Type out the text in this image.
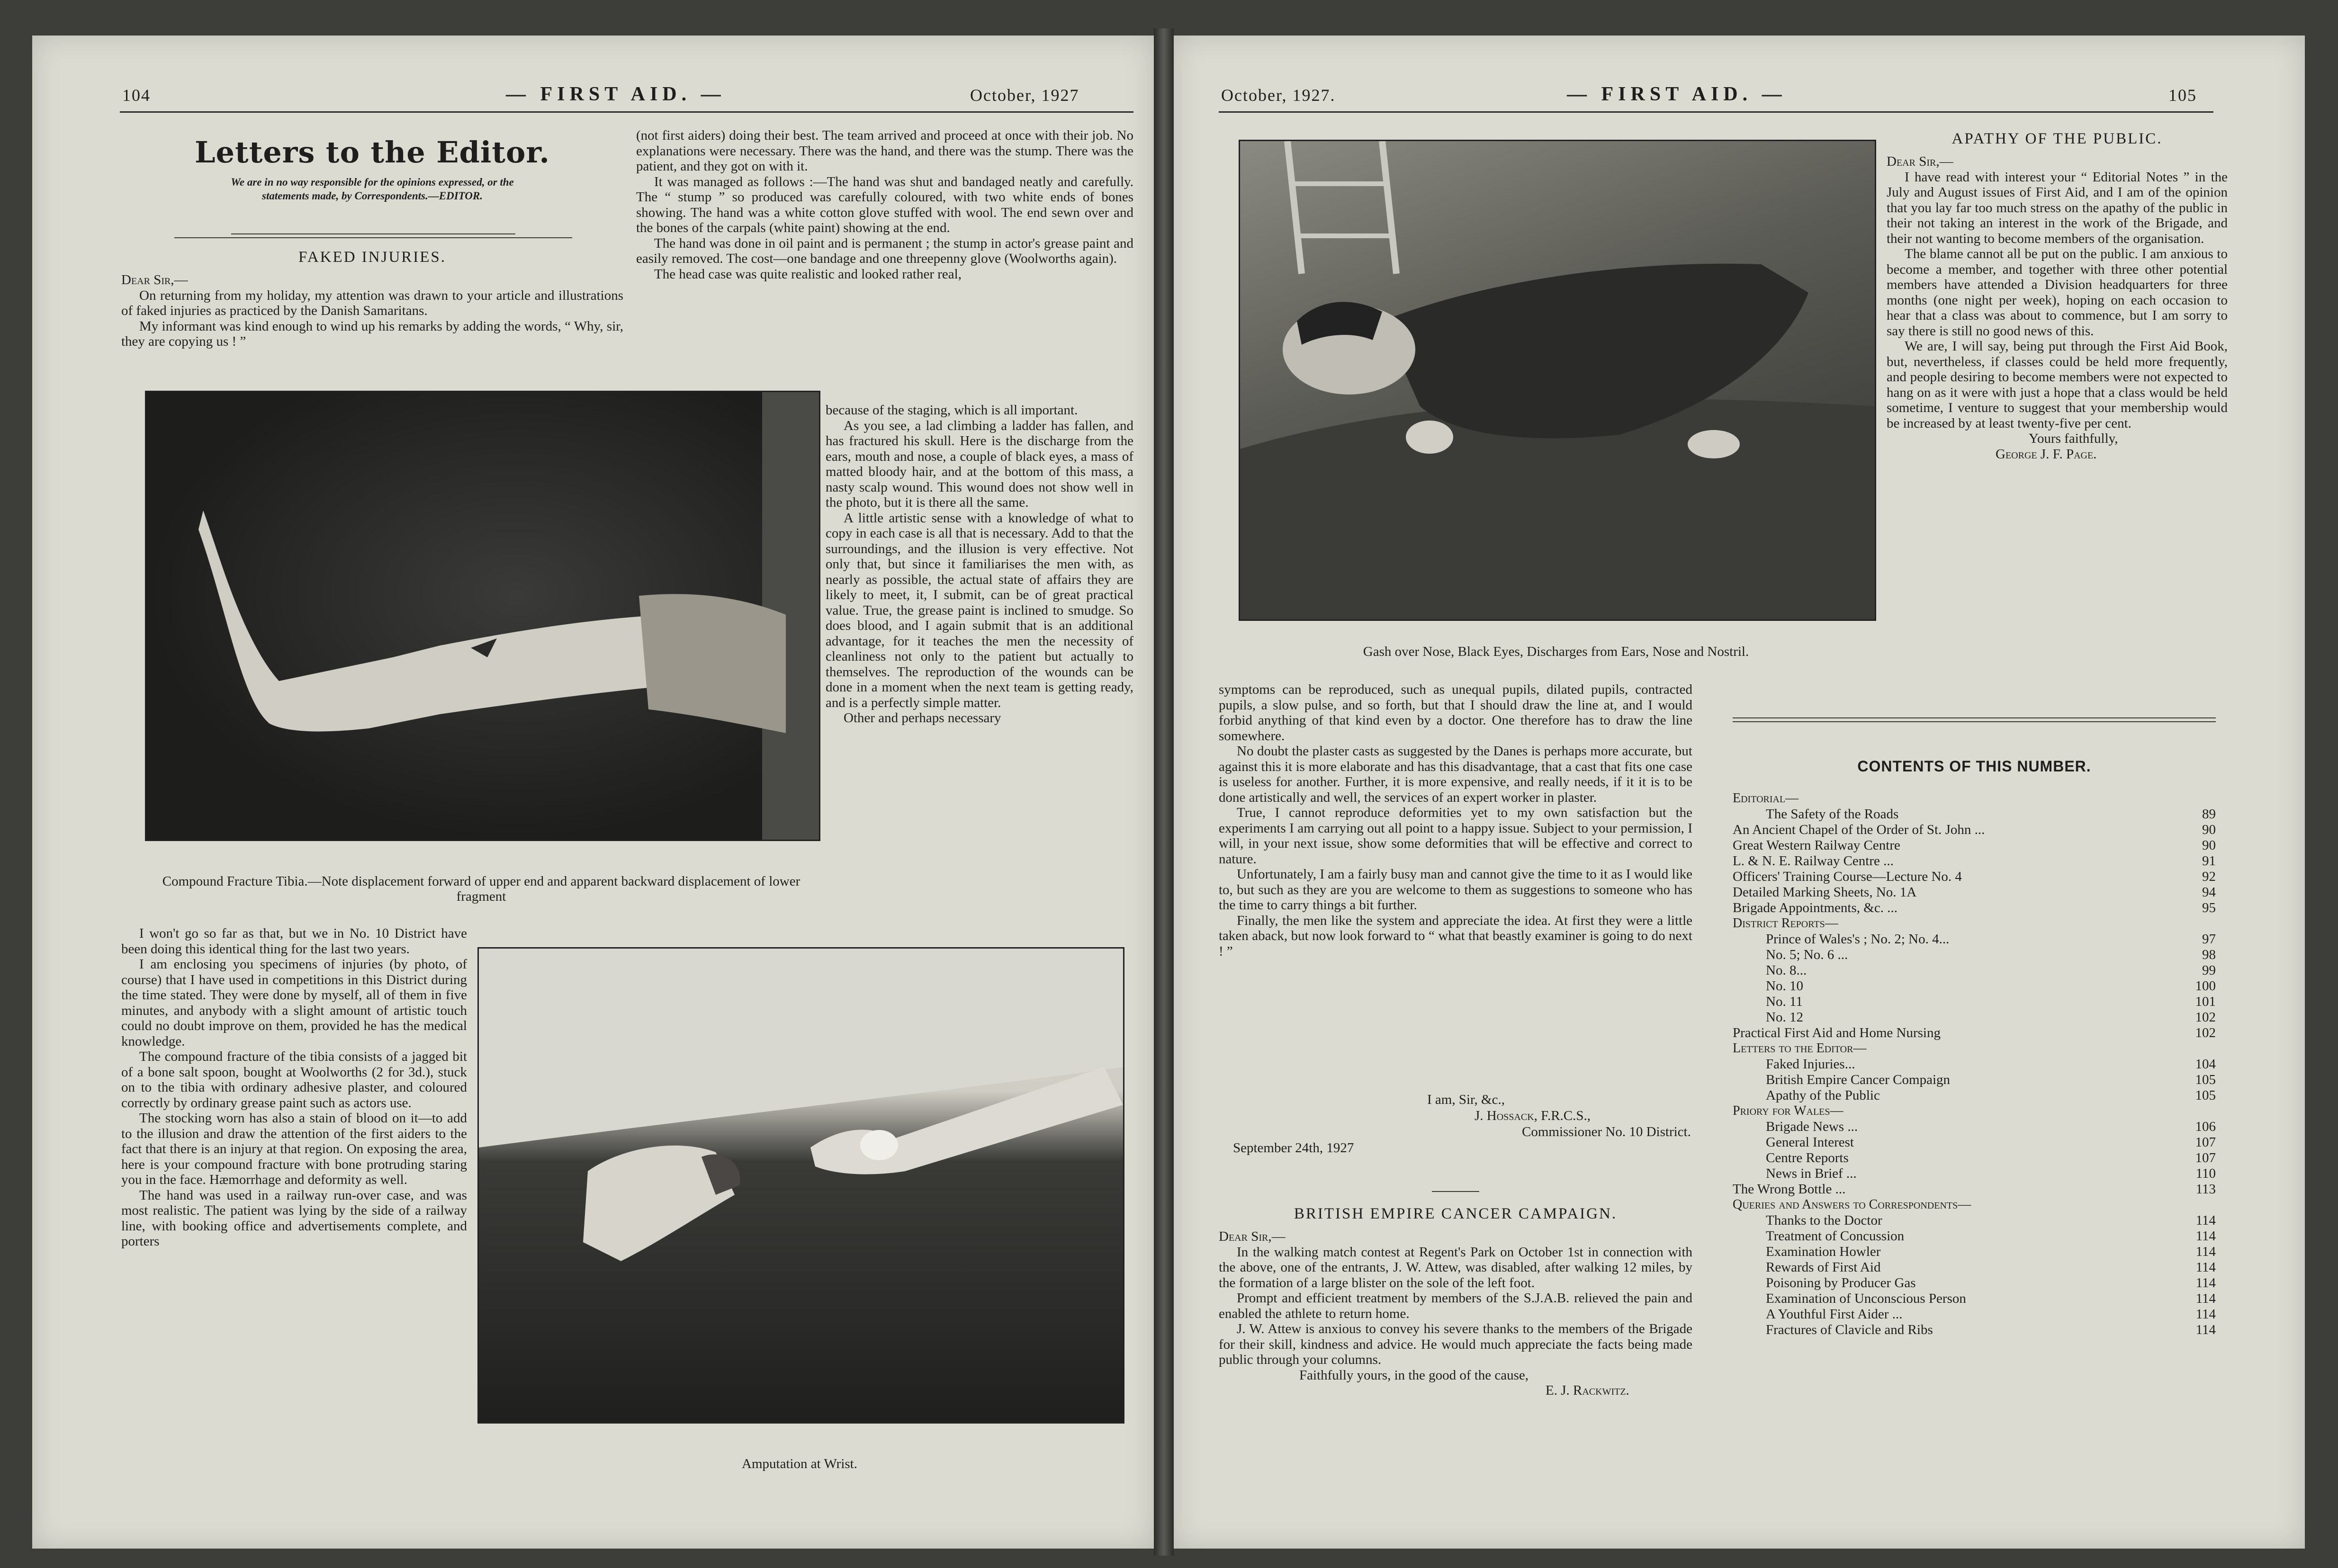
104	— FIRST AID. —	October, 1927
Letters to the Editor.
We are in no way responsible for the opinions expressed, or the
statements made, by Correspondents.—EDITOR.
FAKED INJURIES.

Dear Sir,—

On returning from my holiday, my attention was drawn to your article and illustrations of faked injuries as practiced by the Danish Samaritans.

My informant was kind enough to wind up his remarks by adding the words, “ Why, sir, they are copying us ! ”

Compound Fracture Tibia.—Note displacement forward of upper end and apparent backward displacement of lower fragment

I won't go so far as that, but we in No. 10 District have been doing this identical thing for the last two years.

I am enclosing you specimens of injuries (by photo, of course) that I have used in competitions in this District during the time stated. They were done by myself, all of them in five minutes, and anybody with a slight amount of artistic touch could no doubt improve on them, provided he has the medical knowledge.

The compound fracture of the tibia consists of a jagged bit of a bone salt spoon, bought at Woolworths (2 for 3d.), stuck on to the tibia with ordinary adhesive plaster, and coloured correctly by ordinary grease paint such as actors use.

The stocking worn has also a stain of blood on it—to add to the illusion and draw the attention of the first aiders to the fact that there is an injury at that region. On exposing the area, here is your compound fracture with bone protruding staring you in the face. Hæmorrhage and deformity as well.

The hand was used in a railway run-over case, and was most realistic. The patient was lying by the side of a railway line, with booking office and advertisements complete, and porters

Amputation at Wrist.

(not first aiders) doing their best. The team arrived and proceed at once with their job. No explanations were necessary. There was the hand, and there was the stump. There was the patient, and they got on with it.

It was managed as follows :—The hand was shut and bandaged neatly and carefully. The “ stump ” so produced was carefully coloured, with two white ends of bones showing. The hand was a white cotton glove stuffed with wool. The end sewn over and the bones of the carpals (white paint) showing at the end.

The hand was done in oil paint and is permanent ; the stump in actor's grease paint and easily removed. The cost—one bandage and one threepenny glove (Woolworths again).

The head case was quite realistic and looked rather real,

because of the staging, which is all important.

As you see, a lad climbing a ladder has fallen, and has fractured his skull. Here is the discharge from the ears, mouth and nose, a couple of black eyes, a mass of matted bloody hair, and at the bottom of this mass, a nasty scalp wound. This wound does not show well in the photo, but it is there all the same.

A little artistic sense with a knowledge of what to copy in each case is all that is necessary. Add to that the surroundings, and the illusion is very effective. Not only that, but since it familiarises the men with, as nearly as possible, the actual state of affairs they are likely to meet, it, I submit, can be of great practical value. True, the grease paint is inclined to smudge. So does blood, and I again submit that is an additional advantage, for it teaches the men the necessity of cleanliness not only to the patient but actually to themselves. The reproduction of the wounds can be done in a moment when the next team is getting ready, and is a perfectly simple matter.

Other and perhaps necessary

October, 1927.	— FIRST AID. —	105
Gash over Nose, Black Eyes, Discharges from Ears, Nose and Nostril.

symptoms can be reproduced, such as unequal pupils, dilated pupils, contracted pupils, a slow pulse, and so forth, but that I should draw the line at, and I would forbid anything of that kind even by a doctor. One therefore has to draw the line somewhere.

No doubt the plaster casts as suggested by the Danes is perhaps more accurate, but against this it is more elaborate and has this disadvantage, that a cast that fits one case is useless for another. Further, it is more expensive, and really needs, if it it is to be done artistically and well, the services of an expert worker in plaster.

True, I cannot reproduce deformities yet to my own satisfaction but the experiments I am carrying out all point to a happy issue. Subject to your permission, I will, in your next issue, show some deformities that will be effective and correct to nature.

Unfortunately, I am a fairly busy man and cannot give the time to it as I would like to, but such as they are you are welcome to them as suggestions to someone who has the time to carry things a bit further.

Finally, the men like the system and appreciate the idea. At first they were a little taken aback, but now look forward to “ what that beastly examiner is going to do next ! ”

I am, Sir, &c.,
J. Hossack, F.R.C.S.,
Commissioner No. 10 District.
September 24th, 1927
BRITISH EMPIRE CANCER CAMPAIGN.

Dear Sir,—

In the walking match contest at Regent's Park on October 1st in connection with the above, one of the entrants, J. W. Attew, was disabled, after walking 12 miles, by the formation of a large blister on the sole of the left foot.

Prompt and efficient treatment by members of the S.J.A.B. relieved the pain and enabled the athlete to return home.

J. W. Attew is anxious to convey his severe thanks to the members of the Brigade for their skill, kindness and advice. He would much appreciate the facts being made public through your columns.

Faithfully yours, in the good of the cause,

E. J. Rackwitz.
APATHY OF THE PUBLIC.

Dear Sir,—

I have read with interest your “ Editorial Notes ” in the July and August issues of First Aid, and I am of the opinion that you lay far too much stress on the apathy of the public in their not taking an interest in the work of the Brigade, and their not wanting to become members of the organisation.

The blame cannot all be put on the public. I am anxious to become a member, and together with three other potential members have attended a Division headquarters for three months (one night per week), hoping on each occasion to hear that a class was about to commence, but I am sorry to say there is still no good news of this.

We are, I will say, being put through the First Aid Book, but, nevertheless, if classes could be held more frequently, and people desiring to become members were not expected to hang on as it were with just a hope that a class would be held sometime, I venture to suggest that your membership would be increased by at least twenty-five per cent.

Yours faithfully,
George J. F. Page.
CONTENTS OF THIS NUMBER.
Editorial—
The Safety of the Roads	89
An Ancient Chapel of the Order of St. John ...	90
Great Western Railway Centre	90
L. & N. E. Railway Centre ...	91
Officers' Training Course—Lecture No. 4	92
Detailed Marking Sheets, No. 1A	94
Brigade Appointments, &c. ...	95
District Reports—
Prince of Wales's ; No. 2; No. 4...	97
No. 5; No. 6 ...	98
No. 8...	99
No. 10	100
No. 11	101
No. 12	102
Practical First Aid and Home Nursing	102
Letters to the Editor—
Faked Injuries...	104
British Empire Cancer Compaign	105
Apathy of the Public	105
Priory for Wales—
Brigade News ...	106
General Interest	107
Centre Reports	107
News in Brief ...	110
The Wrong Bottle ...	113
Queries and Answers to Correspondents—
Thanks to the Doctor	114
Treatment of Concussion	114
Examination Howler	114
Rewards of First Aid	114
Poisoning by Producer Gas	114
Examination of Unconscious Person	114
A Youthful First Aider ...	114
Fractures of Clavicle and Ribs	114
